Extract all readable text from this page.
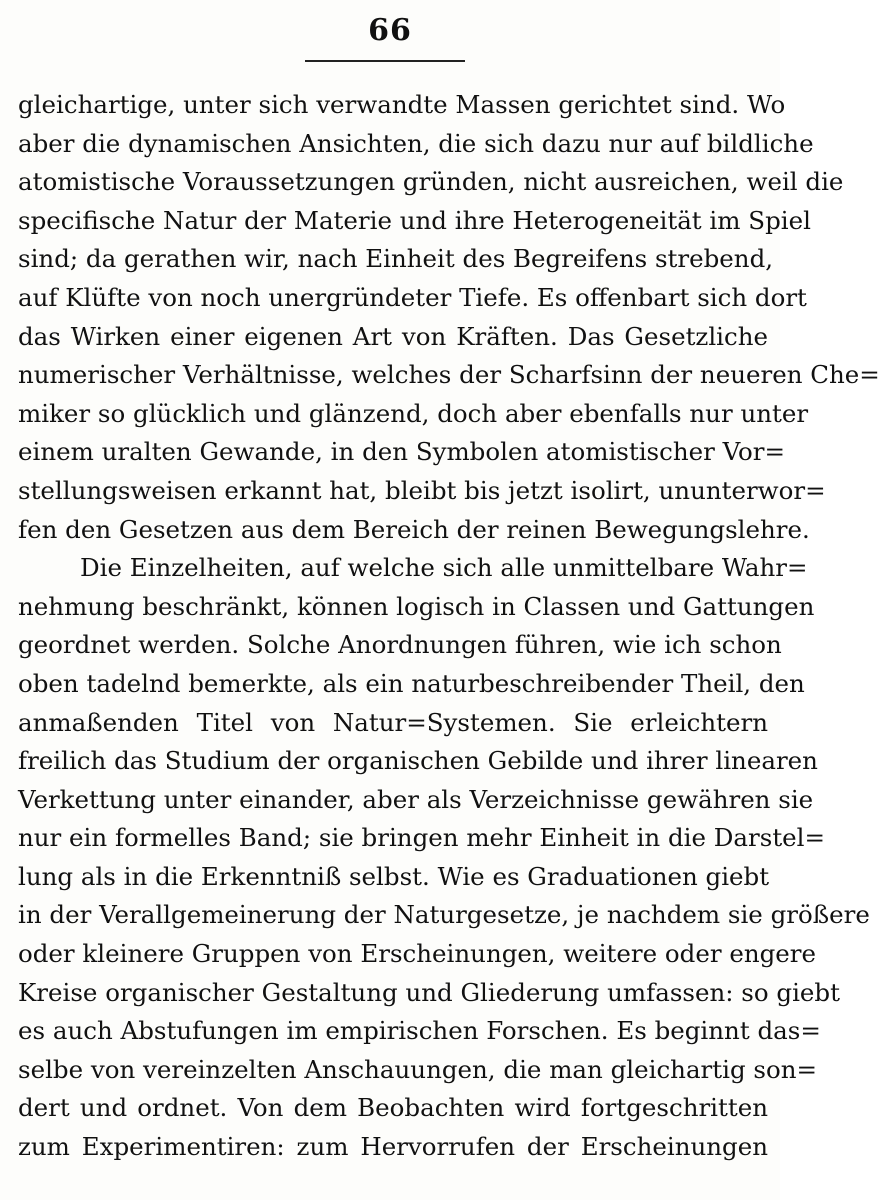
66
gleichartige, unter sich verwandte Massen gerichtet sind. Wo
aber die dynamischen Ansichten, die sich dazu nur auf bildliche
atomistische Voraussetzungen gründen, nicht ausreichen, weil die
specifische Natur der Materie und ihre Heterogeneität im Spiel
sind; da gerathen wir, nach Einheit des Begreifens strebend,
auf Klüfte von noch unergründeter Tiefe. Es offenbart sich dort
das Wirken einer eigenen Art von Kräften. Das Gesetzliche
numerischer Verhältnisse, welches der Scharfsinn der neueren Che=
miker so glücklich und glänzend, doch aber ebenfalls nur unter
einem uralten Gewande, in den Symbolen atomistischer Vor=
stellungsweisen erkannt hat, bleibt bis jetzt isolirt, ununterwor=
fen den Gesetzen aus dem Bereich der reinen Bewegungslehre.
Die Einzelheiten, auf welche sich alle unmittelbare Wahr=
nehmung beschränkt, können logisch in Classen und Gattungen
geordnet werden. Solche Anordnungen führen, wie ich schon
oben tadelnd bemerkte, als ein naturbeschreibender Theil, den
anmaßenden Titel von Natur=Systemen. Sie erleichtern
freilich das Studium der organischen Gebilde und ihrer linearen
Verkettung unter einander, aber als Verzeichnisse gewähren sie
nur ein formelles Band; sie bringen mehr Einheit in die Darstel=
lung als in die Erkenntniß selbst. Wie es Graduationen giebt
in der Verallgemeinerung der Naturgesetze, je nachdem sie größere
oder kleinere Gruppen von Erscheinungen, weitere oder engere
Kreise organischer Gestaltung und Gliederung umfassen: so giebt
es auch Abstufungen im empirischen Forschen. Es beginnt das=
selbe von vereinzelten Anschauungen, die man gleichartig son=
dert und ordnet. Von dem Beobachten wird fortgeschritten
zum Experimentiren: zum Hervorrufen der Erscheinungen
